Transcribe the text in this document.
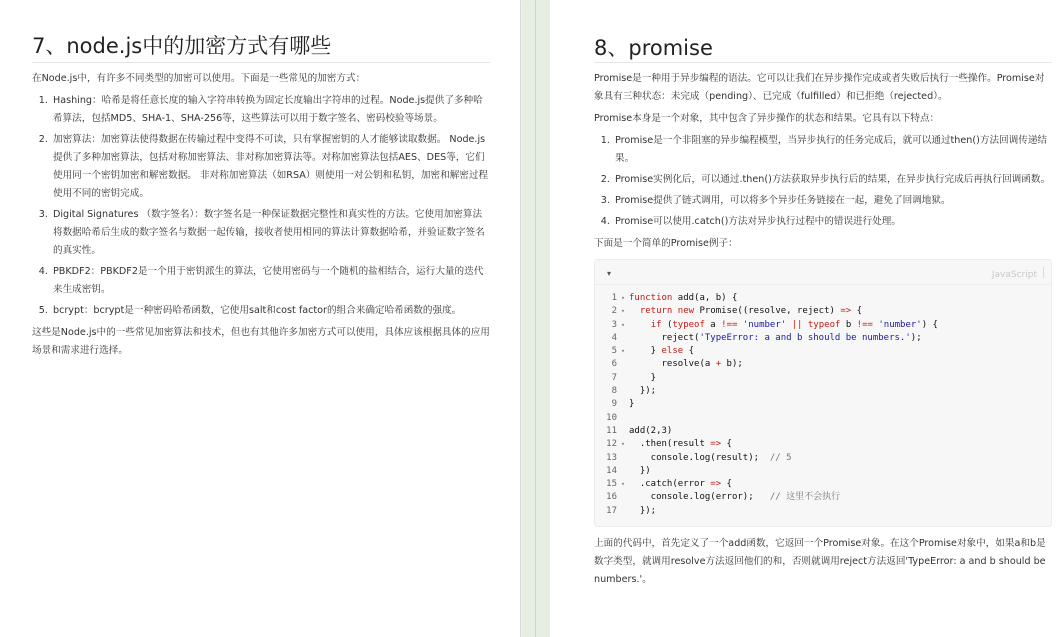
7、node.js中的加密方式有哪些

在Node.js中，有许多不同类型的加密可以使用。下面是一些常见的加密方式：

1. Hashing：哈希是将任意长度的输入字符串转换为固定长度输出字符串的过程。Node.js提供了多种哈希算法，包括MD5、SHA-1、SHA-256等，这些算法可以用于数字签名、密码校验等场景。
2. 加密算法：加密算法使得数据在传输过程中变得不可读，只有掌握密钥的人才能够读取数据。 Node.js提供了多种加密算法，包括对称加密算法、非对称加密算法等。对称加密算法包括AES、DES等，它们使用同一个密钥加密和解密数据。 非对称加密算法（如RSA）则使用一对公钥和私钥，加密和解密过程使用不同的密钥完成。
3. Digital Signatures （数字签名）：数字签名是一种保证数据完整性和真实性的方法。它使用加密算法将数据哈希后生成的数字签名与数据一起传输，接收者使用相同的算法计算数据哈希，并验证数字签名的真实性。
4. PBKDF2：PBKDF2是一个用于密钥派生的算法，它使用密码与一个随机的盐相结合，运行大量的迭代来生成密钥。
5. bcrypt：bcrypt是一种密码哈希函数，它使用salt和cost factor的组合来确定哈希函数的强度。

这些是Node.js中的一些常见加密算法和技术，但也有其他许多加密方式可以使用，具体应该根据具体的应用场景和需求进行选择。

8、promise

Promise是一种用于异步编程的语法。它可以让我们在异步操作完成或者失败后执行一些操作。Promise对象具有三种状态：未完成（pending）、已完成（fulfilled）和已拒绝（rejected）。

Promise本身是一个对象，其中包含了异步操作的状态和结果。它具有以下特点：

1. Promise是一个非阻塞的异步编程模型，当异步执行的任务完成后，就可以通过then()方法回调传递结果。
2. Promise实例化后，可以通过.then()方法获取异步执行后的结果，在异步执行完成后再执行回调函数。
3. Promise提供了链式调用，可以将多个异步任务链接在一起，避免了回调地狱。
4. Promise可以使用.catch()方法对异步执行过程中的错误进行处理。

下面是一个简单的Promise例子：

▾	JavaScript
1 ▾ function add(a, b) {
2 ▾ return new Promise((resolve, reject) => {
3 ▾	if (typeof a !== 'number' || typeof b !== 'number') {
4      reject('TypeError: a and b should be numbers.');
5 ▾    } else {
6      resolve(a + b);
7    }
8  });
9 }
10
11 add(2,3)
12 ▾  .then(result => {
13    console.log(result);  // 5
14  })
15 ▾  .catch(error => {
16    console.log(error);   // 这里不会执行
17  });

上面的代码中，首先定义了一个add函数，它返回一个Promise对象。在这个Promise对象中，如果a和b是数字类型，就调用resolve方法返回他们的和，否则就调用reject方法返回'TypeError: a and b should be numbers.'。
